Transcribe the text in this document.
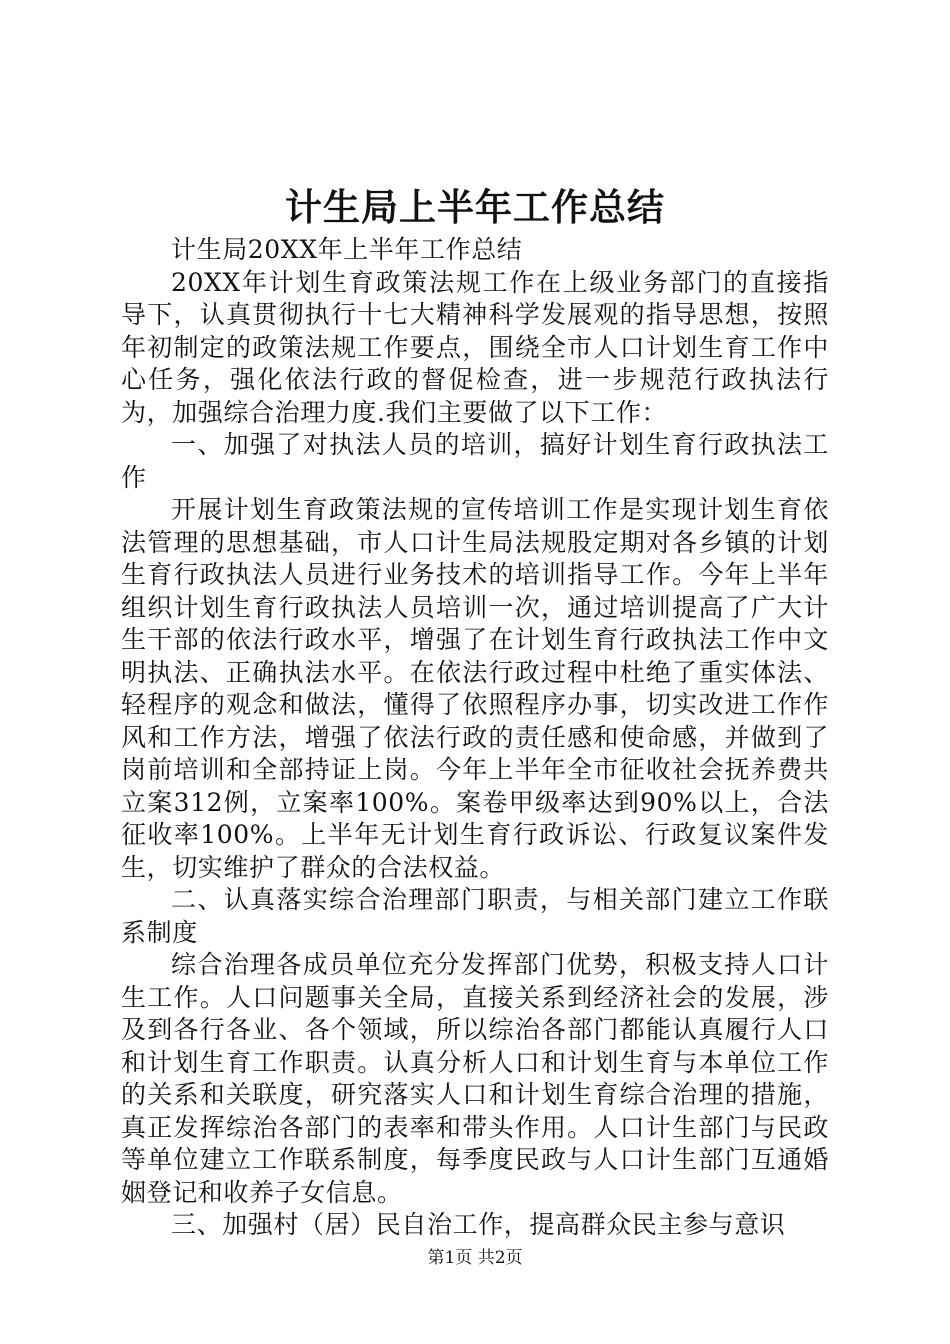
计生局上半年工作总结

计生局20XX年上半年工作总结

20XX年计划生育政策法规工作在上级业务部门的直接指导下，认真贯彻执行十七大精神科学发展观的指导思想，按照年初制定的政策法规工作要点，围绕全市人口计划生育工作中心任务，强化依法行政的督促检查，进一步规范行政执法行为，加强综合治理力度.我们主要做了以下工作：

一、加强了对执法人员的培训，搞好计划生育行政执法工作

开展计划生育政策法规的宣传培训工作是实现计划生育依法管理的思想基础，市人口计生局法规股定期对各乡镇的计划生育行政执法人员进行业务技术的培训指导工作。今年上半年组织计划生育行政执法人员培训一次，通过培训提高了广大计生干部的依法行政水平，增强了在计划生育行政执法工作中文明执法、正确执法水平。在依法行政过程中杜绝了重实体法、轻程序的观念和做法，懂得了依照程序办事，切实改进工作作风和工作方法，增强了依法行政的责任感和使命感，并做到了岗前培训和全部持证上岗。今年上半年全市征收社会抚养费共立案312例，立案率100%。案卷甲级率达到90%以上，合法征收率100%。上半年无计划生育行政诉讼、行政复议案件发生，切实维护了群众的合法权益。

二、认真落实综合治理部门职责，与相关部门建立工作联系制度

综合治理各成员单位充分发挥部门优势，积极支持人口计生工作。人口问题事关全局，直接关系到经济社会的发展，涉及到各行各业、各个领域，所以综治各部门都能认真履行人口和计划生育工作职责。认真分析人口和计划生育与本单位工作的关系和关联度，研究落实人口和计划生育综合治理的措施，真正发挥综治各部门的表率和带头作用。人口计生部门与民政等单位建立工作联系制度，每季度民政与人口计生部门互通婚姻登记和收养子女信息。

三、加强村（居）民自治工作，提高群众民主参与意识

第1页 共2页
